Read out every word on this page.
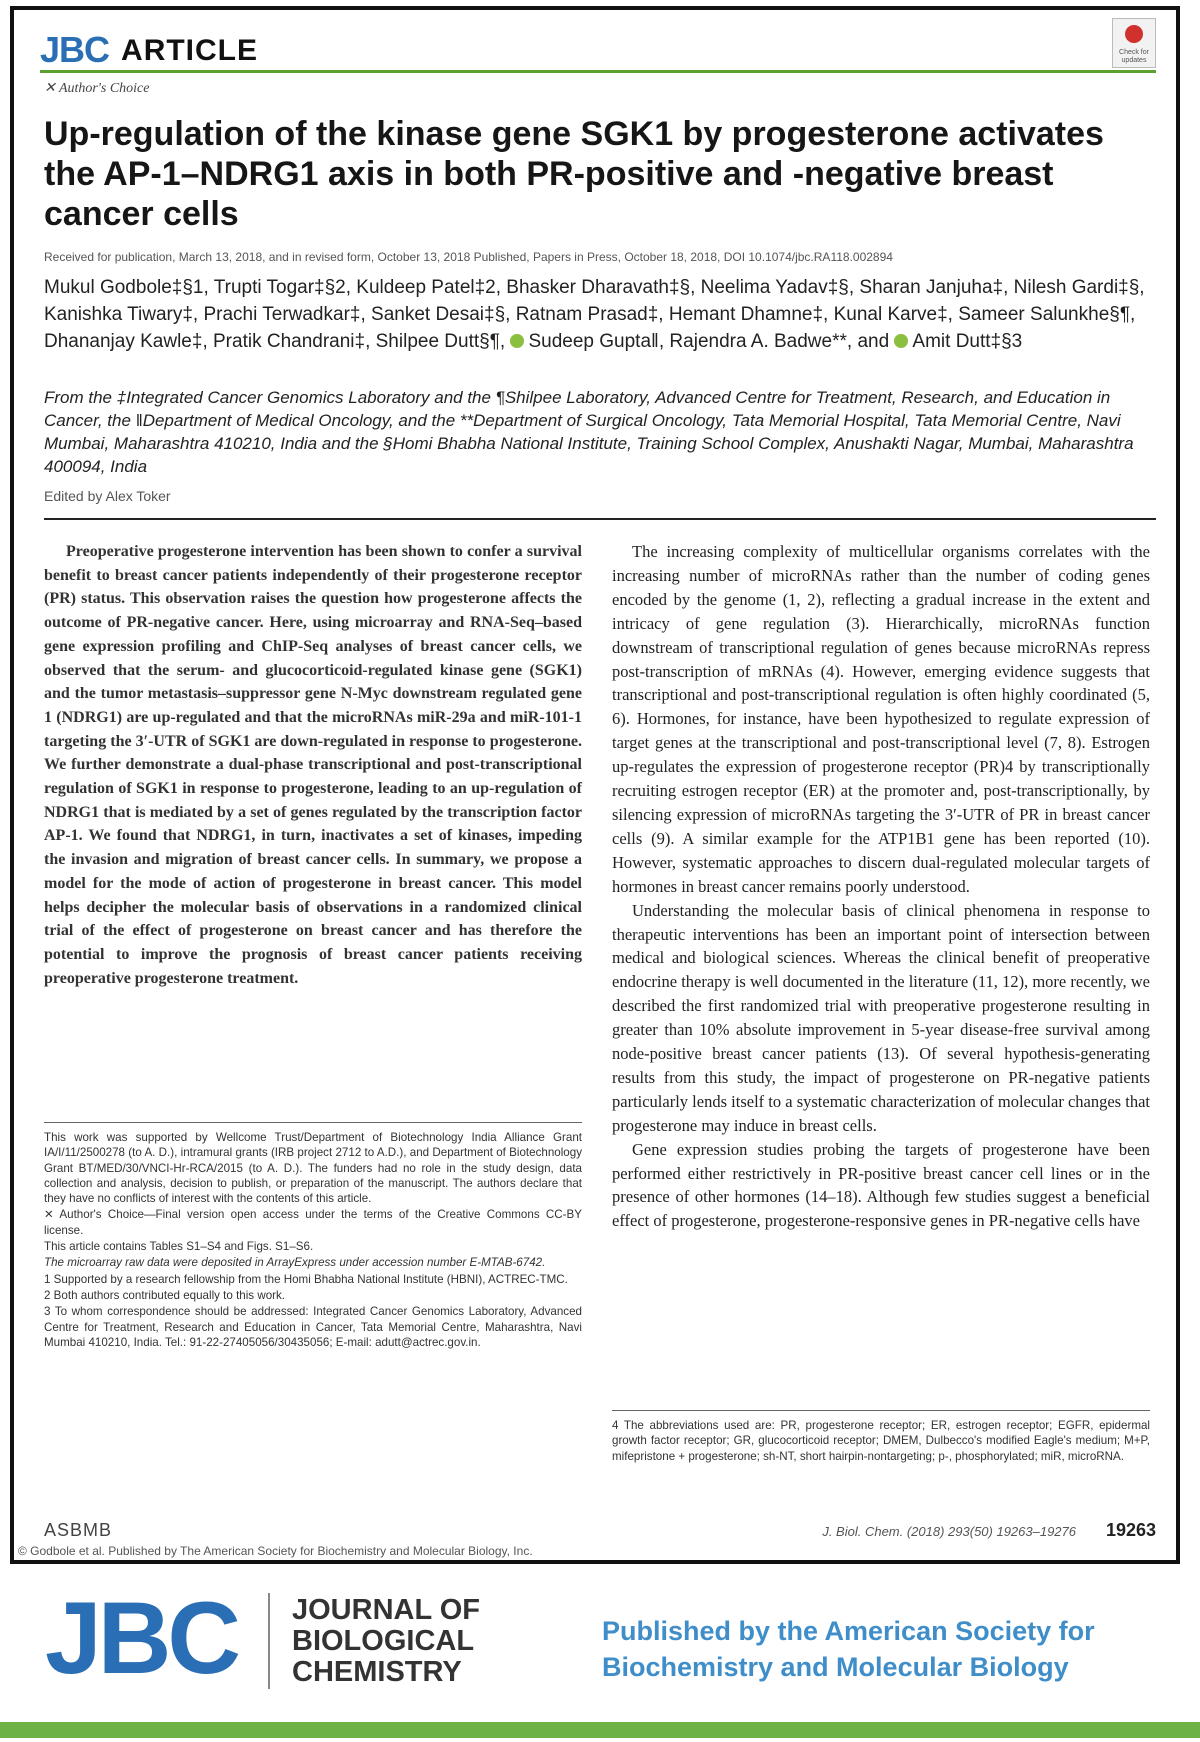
JBC ARTICLE	Check for updates
✕ Author's Choice
Up-regulation of the kinase gene SGK1 by progesterone activates the AP-1–NDRG1 axis in both PR-positive and -negative breast cancer cells
Received for publication, March 13, 2018, and in revised form, October 13, 2018 Published, Papers in Press, October 18, 2018, DOI 10.1074/jbc.RA118.002894

Mukul Godbole‡§1, Trupti Togar‡§2, Kuldeep Patel‡2, Bhasker Dharavath‡§, Neelima Yadav‡§, Sharan Janjuha‡, Nilesh Gardi‡§, Kanishka Tiwary‡, Prachi Terwadkar‡, Sanket Desai‡§, Ratnam Prasad‡, Hemant Dhamne‡, Kunal Karve‡, Sameer Salunkhe§¶, Dhananjay Kawle‡, Pratik Chandrani‡, Shilpee Dutt§¶, Sudeep Gupta‖, Rajendra A. Badwe**, and Amit Dutt‡§3

From the ‡Integrated Cancer Genomics Laboratory and the ¶Shilpee Laboratory, Advanced Centre for Treatment, Research, and Education in Cancer, the ‖Department of Medical Oncology, and the **Department of Surgical Oncology, Tata Memorial Hospital, Tata Memorial Centre, Navi Mumbai, Maharashtra 410210, India and the §Homi Bhabha National Institute, Training School Complex, Anushakti Nagar, Mumbai, Maharashtra 400094, India

Edited by Alex Toker

Preoperative progesterone intervention has been shown to confer a survival benefit to breast cancer patients independently of their progesterone receptor (PR) status. This observation raises the question how progesterone affects the outcome of PR-negative cancer. Here, using microarray and RNA-Seq–based gene expression profiling and ChIP-Seq analyses of breast cancer cells, we observed that the serum- and glucocorticoid-regulated kinase gene (SGK1) and the tumor metastasis–suppressor gene N-Myc downstream regulated gene 1 (NDRG1) are up-regulated and that the microRNAs miR-29a and miR-101-1 targeting the 3′-UTR of SGK1 are down-regulated in response to progesterone. We further demonstrate a dual-phase transcriptional and post-transcriptional regulation of SGK1 in response to progesterone, leading to an up-regulation of NDRG1 that is mediated by a set of genes regulated by the transcription factor AP-1. We found that NDRG1, in turn, inactivates a set of kinases, impeding the invasion and migration of breast cancer cells. In summary, we propose a model for the mode of action of progesterone in breast cancer. This model helps decipher the molecular basis of observations in a randomized clinical trial of the effect of progesterone on breast cancer and has therefore the potential to improve the prognosis of breast cancer patients receiving preoperative progesterone treatment.

This work was supported by Wellcome Trust/Department of Biotechnology India Alliance Grant IA/I/11/2500278 (to A. D.), intramural grants (IRB project 2712 to A.D.), and Department of Biotechnology Grant BT/MED/30/VNCI-Hr-RCA/2015 (to A. D.). The funders had no role in the study design, data collection and analysis, decision to publish, or preparation of the manuscript. The authors declare that they have no conflicts of interest with the contents of this article.

✕ Author's Choice—Final version open access under the terms of the Creative Commons CC-BY license.

This article contains Tables S1–S4 and Figs. S1–S6.

The microarray raw data were deposited in ArrayExpress under accession number E-MTAB-6742.

1 Supported by a research fellowship from the Homi Bhabha National Institute (HBNI), ACTREC-TMC.

2 Both authors contributed equally to this work.

3 To whom correspondence should be addressed: Integrated Cancer Genomics Laboratory, Advanced Centre for Treatment, Research and Education in Cancer, Tata Memorial Centre, Maharashtra, Navi Mumbai 410210, India. Tel.: 91-22-27405056/30435056; E-mail: adutt@actrec.gov.in.

The increasing complexity of multicellular organisms correlates with the increasing number of microRNAs rather than the number of coding genes encoded by the genome (1, 2), reflecting a gradual increase in the extent and intricacy of gene regulation (3). Hierarchically, microRNAs function downstream of transcriptional regulation of genes because microRNAs repress post-transcription of mRNAs (4). However, emerging evidence suggests that transcriptional and post-transcriptional regulation is often highly coordinated (5, 6). Hormones, for instance, have been hypothesized to regulate expression of target genes at the transcriptional and post-transcriptional level (7, 8). Estrogen up-regulates the expression of progesterone receptor (PR)4 by transcriptionally recruiting estrogen receptor (ER) at the promoter and, post-transcriptionally, by silencing expression of microRNAs targeting the 3′-UTR of PR in breast cancer cells (9). A similar example for the ATP1B1 gene has been reported (10). However, systematic approaches to discern dual-regulated molecular targets of hormones in breast cancer remains poorly understood.

Understanding the molecular basis of clinical phenomena in response to therapeutic interventions has been an important point of intersection between medical and biological sciences. Whereas the clinical benefit of preoperative endocrine therapy is well documented in the literature (11, 12), more recently, we described the first randomized trial with preoperative progesterone resulting in greater than 10% absolute improvement in 5-year disease-free survival among node-positive breast cancer patients (13). Of several hypothesis-generating results from this study, the impact of progesterone on PR-negative patients particularly lends itself to a systematic characterization of molecular changes that progesterone may induce in breast cells.

Gene expression studies probing the targets of progesterone have been performed either restrictively in PR-positive breast cancer cell lines or in the presence of other hormones (14–18). Although few studies suggest a beneficial effect of progesterone, progesterone-responsive genes in PR-negative cells have

4 The abbreviations used are: PR, progesterone receptor; ER, estrogen receptor; EGFR, epidermal growth factor receptor; GR, glucocorticoid receptor; DMEM, Dulbecco's modified Eagle's medium; M+P, mifepristone + progesterone; sh-NT, short hairpin-nontargeting; p-, phosphorylated; miR, microRNA.

ASBMB	J. Biol. Chem. (2018) 293(50) 19263–19276 19263
© Godbole et al. Published by The American Society for Biochemistry and Molecular Biology, Inc.
JBC JOURNAL OF
BIOLOGICAL
CHEMISTRY

Published by the American Society for
Biochemistry and Molecular Biology
